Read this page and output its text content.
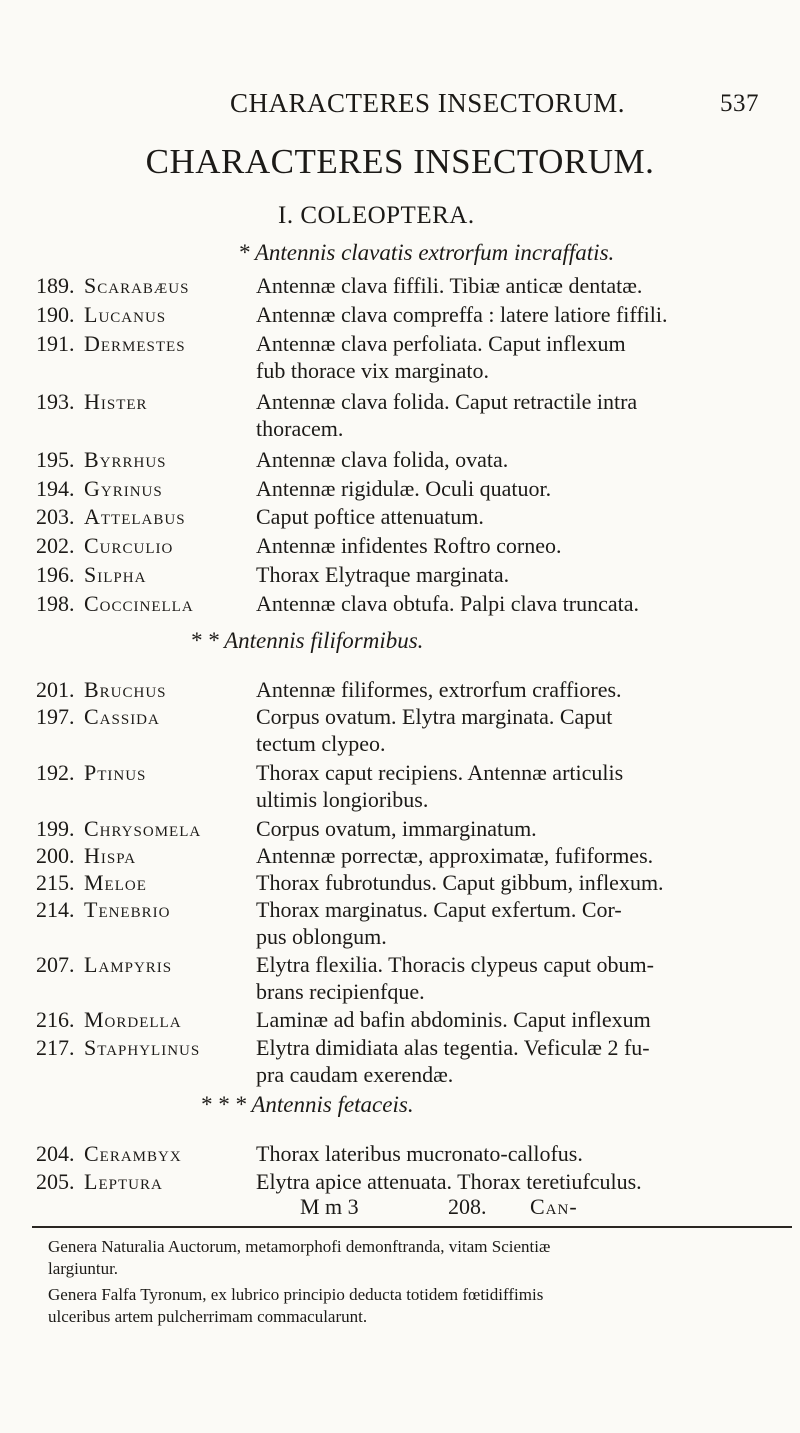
CHARACTERES INSECTORUM.	537
CHARACTERES INSECTORUM.
I. COLEOPTERA.
* Antennis clavatis extrorfum incraffatis.
189. Scarabæus	Antennæ clava fiffili. Tibiæ anticæ dentatæ.
190. Lucanus	Antennæ clava compreffa : latere latiore fiffili.
191. Dermestes	Antennæ clava perfoliata. Caput inflexum
fub thorace vix marginato.
193. Hister	Antennæ clava folida. Caput retractile intra
thoracem.
195. Byrrhus	Antennæ clava folida, ovata.
194. Gyrinus	Antennæ rigidulæ. Oculi quatuor.
203. Attelabus	Caput poftice attenuatum.
202. Curculio	Antennæ infidentes Roftro corneo.
196. Silpha	Thorax Elytraque marginata.
198. Coccinella	Antennæ clava obtufa. Palpi clava truncata.
* * Antennis filiformibus.
201. Bruchus	Antennæ filiformes, extrorfum craffiores.
197. Cassida	Corpus ovatum. Elytra marginata. Caput
tectum clypeo.
192. Ptinus	Thorax caput recipiens. Antennæ articulis
ultimis longioribus.
199. Chrysomela Corpus ovatum, immarginatum.
200. Hispa	Antennæ porrectæ, approximatæ, fufiformes.
215. Meloe	Thorax fubrotundus. Caput gibbum, inflexum.
214. Tenebrio	Thorax marginatus. Caput exfertum. Cor-
pus oblongum.
207. Lampyris	Elytra flexilia. Thoracis clypeus caput obum-
brans recipienfque.
216. Mordella	Laminæ ad bafin abdominis. Caput inflexum
217. Staphylinus	Elytra dimidiata alas tegentia. Veficulæ 2 fu-
pra caudam exerendæ.
* * * Antennis fetaceis.
204. Cerambyx	Thorax lateribus mucronato-callofus.
205. Leptura	Elytra apice attenuata. Thorax teretiufculus.
M m 3	208. Can-
Genera Naturalia Auctorum, metamorphofi demonftranda, vitam Scientiæ
largiuntur.
Genera Falfa Tyronum, ex lubrico principio deducta totidem fœtidiffimis
ulceribus artem pulcherrimam commacularunt.
